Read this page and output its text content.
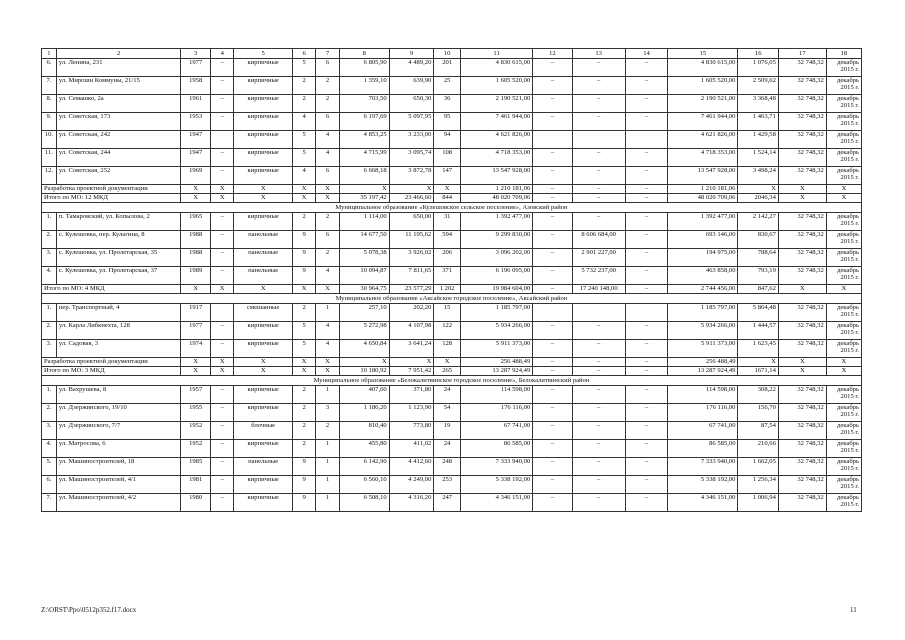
1	2	3	4	5	6	7	8	9	10	11	12	13	14	15	16	17	18
6.	ул. Ленина, 231	1977	–	кирпичные	5	6	6 805,90	4 489,20	201	4 830 615,00	–	–	–	4 830 615,00	1 076,05	32 748,32	декабрь 2015 г.
7.	ул. Мирошн Коммуны, 21/15	1958	–	кирпичные	2	2	1 359,10	639,90	25	1 605 520,00	–	–	–	1 605 520,00	2 509,02	32 748,32	декабрь 2015 г.
8.	ул. Семашко, 2а	1961	–	кирпичные	2	2	703,50	650,30	36	2 190 521,00	–	–	–	2 190 521,00	3 368,48	32 748,32	декабрь 2015 г.
9.	ул. Советская, 173	1953	–	кирпичные	4	6	6 197,69	5 097,95	95	7 461 944,00	–	–	–	7 461 944,00	1 463,71	32 748,32	декабрь 2015 г.
10.	ул. Советская, 242	1947		кирпичные	5	4	4 853,25	3 233,00	94	4 621 826,00				4 621 826,00	1 429,58	32 748,32	декабрь 2015 г.
11.	ул. Советская, 244	1947	–	кирпичные	5	4	4 715,99	3 095,74	108	4 718 353,00	–	–	–	4 718 353,00	1 524,14	32 748,32	декабрь 2015 г.
12.	ул. Советская, 252	1969	–	кирпичные	4	6	6 668,18	3 872,78	147	13 547 928,00	–	–	–	13 547 928,00	3 498,24	32 748,32	декабрь 2015 г.
Разработка проектной документации		X	X	X	X	X	X	X	X	1 210 181,06	–	–	–	1 210 181,06	X	X	X
Итого по МО: 12 МКД		X	X	X	X	X	35 197,42	23 466,60	844	48 020 709,06	–	–	–	48 020 709,06	2046,34	X	X
Муниципальное образование «Кулешовское сельское поселение», Азовский район																	
1.	п. Тамаровский, ул. Копылова, 2	1965	–	кирпичные	2	2	1 114,00	650,00	31	1 392 477,00	–	–	–	1 392 477,00	2 142,27	32 748,32	декабрь 2015 г.
2.	с. Кулешовка, пер. Кулагина, 8	1988	–	панельные	9	6	14 677,50	11 195,62	594	9 299 830,00	–	8 606 684,00	–	693 146,00	830,67	32 748,32	декабрь 2015 г.
3.	с. Кулешовка, ул. Пролетарская, 35	1988	–	панельные	9	2	5 078,38	3 926,02	206	3 096 202,00	–	2 901 227,00	–	194 975,00	788,64	32 748,32	декабрь 2015 г.
4.	с. Кулешовка, ул. Пролетарская, 37	1989	–	панельные	9	4	10 094,87	7 811,65	371	6 196 095,00	–	5 732 237,00	–	463 858,00	793,19	32 748,32	декабрь 2015 г.
Итого по МО: 4 МКД		X	X	X	X	X	30 964,75	23 577,29	1 202	19 984 604,00	–	17 240 148,00	–	2 744 456,00	847,62	X	X
Муниципальное образование «Аксайское городское поселение», Аксайский район																	
1.	пер. Транспортный, 4	1917		смешанные	2	1	257,10	202,20	15	1 185 797,00				1 185 797,00	5 864,48	32 748,32	декабрь 2015 г.
2.	ул. Карла Либкнехта, 128	1977	–	кирпичные	5	4	5 272,98	4 107,98	122	5 934 266,00	–	–	–	5 934 266,00	1 444,57	32 748,32	декабрь 2015 г.
3.	ул. Садовая, 3	1974	–	кирпичные	5	4	4 650,84	3 641,24	128	5 911 373,00	–	–	–	5 911 373,00	1 623,45	32 748,32	декабрь 2015 г.
Разработка проектной документации		X	X	X	X	X	X	X	X	256 488,49	–	–	–	256 488,49	X	X	X
Итого по МО: 3 МКД		X	X	X	X	X	10 180,92	7 951,42	265	13 287 924,49	–	–	–	13 287 924,49	1671,14	X	X
Муниципальное образование «Белокалитвинское городское поселение», Белокалитвинский район																	
1.	ул. Вахрушева, 8	1957	–	кирпичные	2	1	407,60	371,80	24	114 598,00	–	–	–	114 598,00	308,22	32 748,32	декабрь 2015 г.
2.	ул. Дзержинского, 19/10	1955	–	кирпичные	2	3	1 186,20	1 123,90	54	176 116,00	–	–	–	176 116,00	156,70	32 748,32	декабрь 2015 г.
3.	ул. Дзержинского, 7/7	1952	–	блочные	2	2	810,40	773,80	19	67 741,00	–	–	–	67 741,00	87,54	32 748,32	декабрь 2015 г.
4.	ул. Матросова, 6	1952	–	кирпичные	2	1	455,80	411,02	24	86 585,00	–	–	–	86 585,00	210,66	32 748,32	декабрь 2015 г.
5.	ул. Машиностроителей, 18	1985	–	панельные	9	1	6 142,90	4 412,60	248	7 333 940,00	–	–	–	7 333 940,00	1 662,05	32 748,32	декабрь 2015 г.
6.	ул. Машиностроителей, 4/1	1981	–	кирпичные	9	1	6 560,10	4 249,00	253	5 338 192,00	–	–	–	5 338 192,00	1 256,34	32 748,32	декабрь 2015 г.
7.	ул. Машиностроителей, 4/2	1980	–	кирпичные	9	1	6 508,10	4 316,20	247	4 346 151,00	–	–	–	4 346 151,00	1 006,94	32 748,32	декабрь 2015 г.
Z:\ORST\Ppo\0512p352.f17.docx	11
